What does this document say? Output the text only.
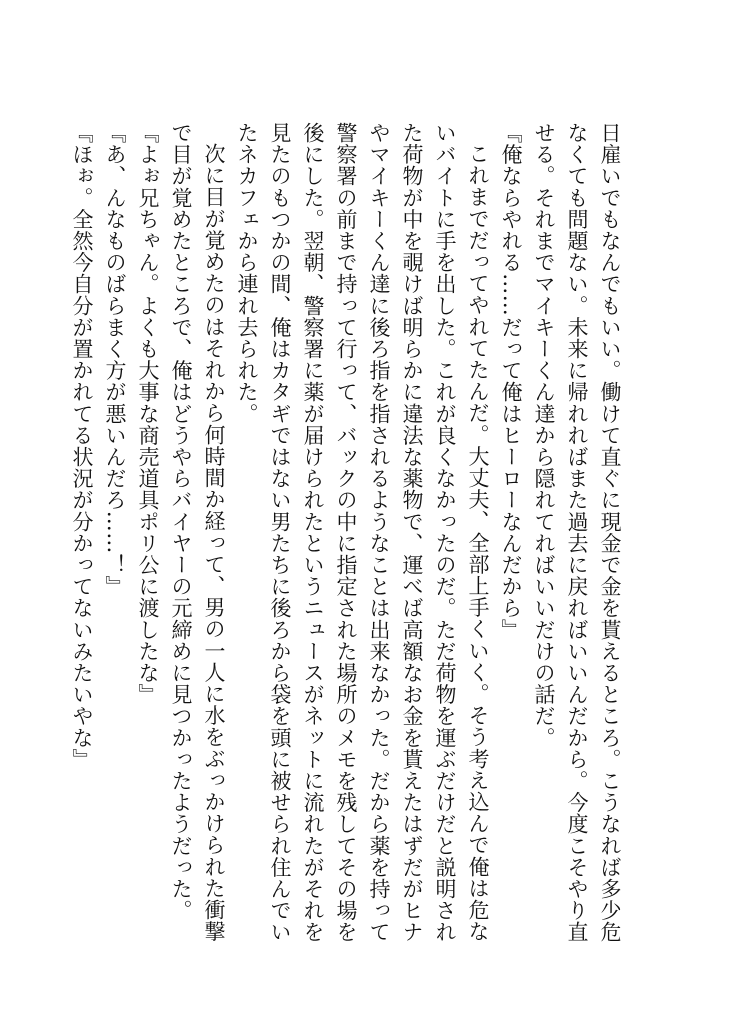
日雇いでもなんでもいい。働けて直ぐに現金で金を貰えるところ。こうなれば多少危なくても問題ない。未来に帰れればまた過去に戻ればいいんだから。今度こそやり直せる。それまでマイキーくん達から隠れてればいいだけの話だ。

『俺ならやれる……だって俺はヒーローなんだから』

これまでだってやれてたんだ。大丈夫、全部上手くいく。そう考え込んで俺は危ないバイトに手を出した。これが良くなかったのだ。ただ荷物を運ぶだけだと説明された荷物が中を覗けば明らかに違法な薬物で、運べば高額なお金を貰えたはずだがヒナやマイキーくん達に後ろ指を指されるようなことは出来なかった。だから薬を持って警察署の前まで持って行って、バックの中に指定された場所のメモを残してその場を後にした。翌朝、警察署に薬が届けられたというニュースがネットに流れたがそれを見たのもつかの間、俺はカタギではない男たちに後ろから袋を頭に被せられ住んでいたネカフェから連れ去られた。

次に目が覚めたのはそれから何時間か経って、男の一人に水をぶっかけられた衝撃で目が覚めたところで、俺はどうやらバイヤーの元締めに見つかったようだった。

『よぉ兄ちゃん。よくも大事な商売道具ポリ公に渡したな』

『あ、んなものばらまく方が悪いんだろ……！』

『ほぉ。全然今自分が置かれてる状況が分かってないみたいやな』
